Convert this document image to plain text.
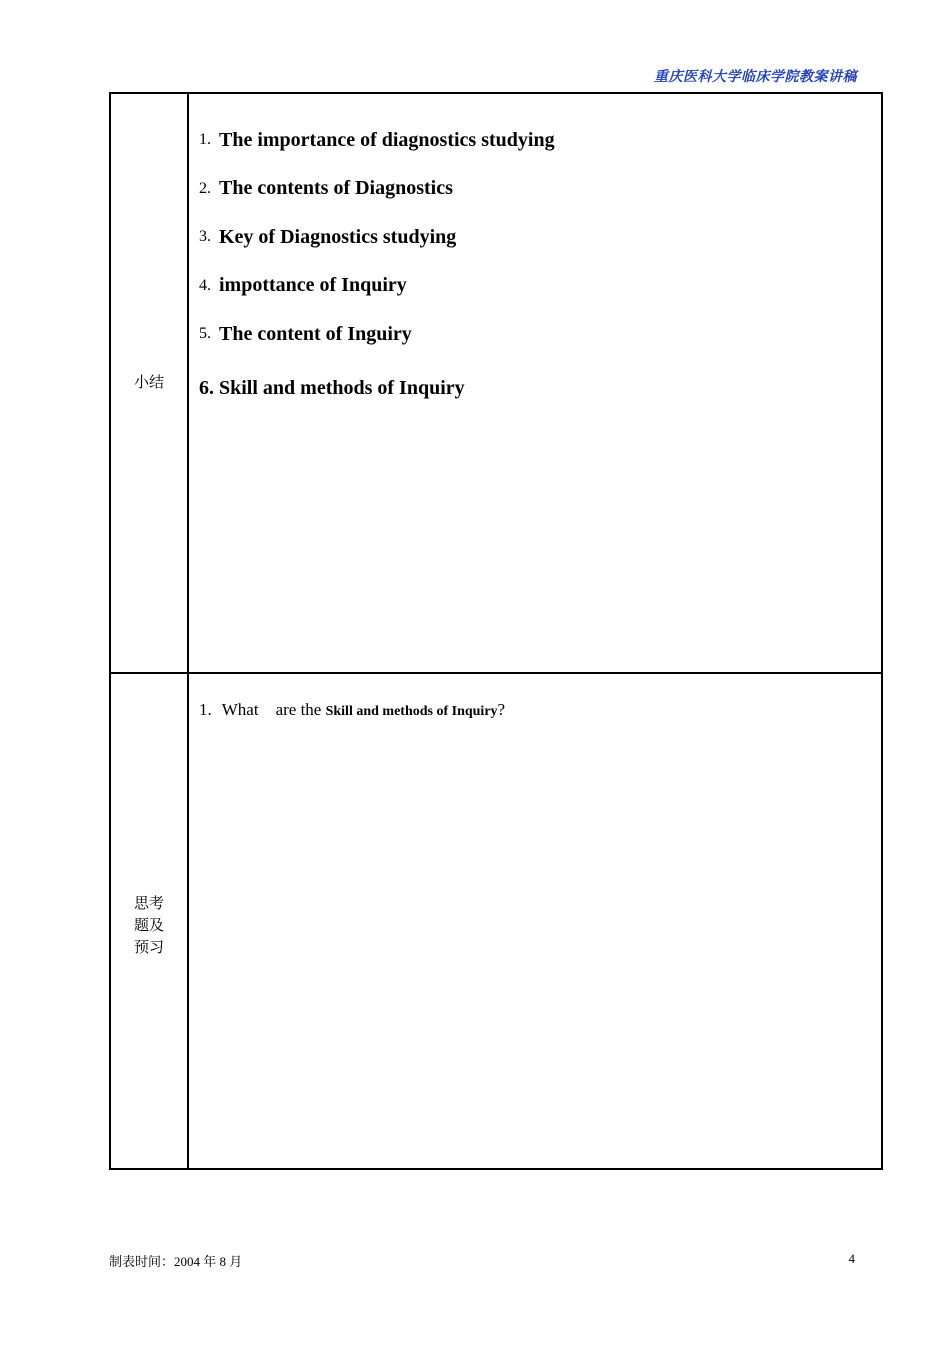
重庆医科大学临床学院教案讲稿
小结
1. The importance of diagnostics studying
2. The contents of Diagnostics
3. Key of Diagnostics studying
4. impottance of Inquiry
5. The content of Inguiry
6. Skill and methods of Inquiry
思考题及预习
1. What    are the Skill and methods of Inquiry?
制表时间：2004 年 8 月	4
